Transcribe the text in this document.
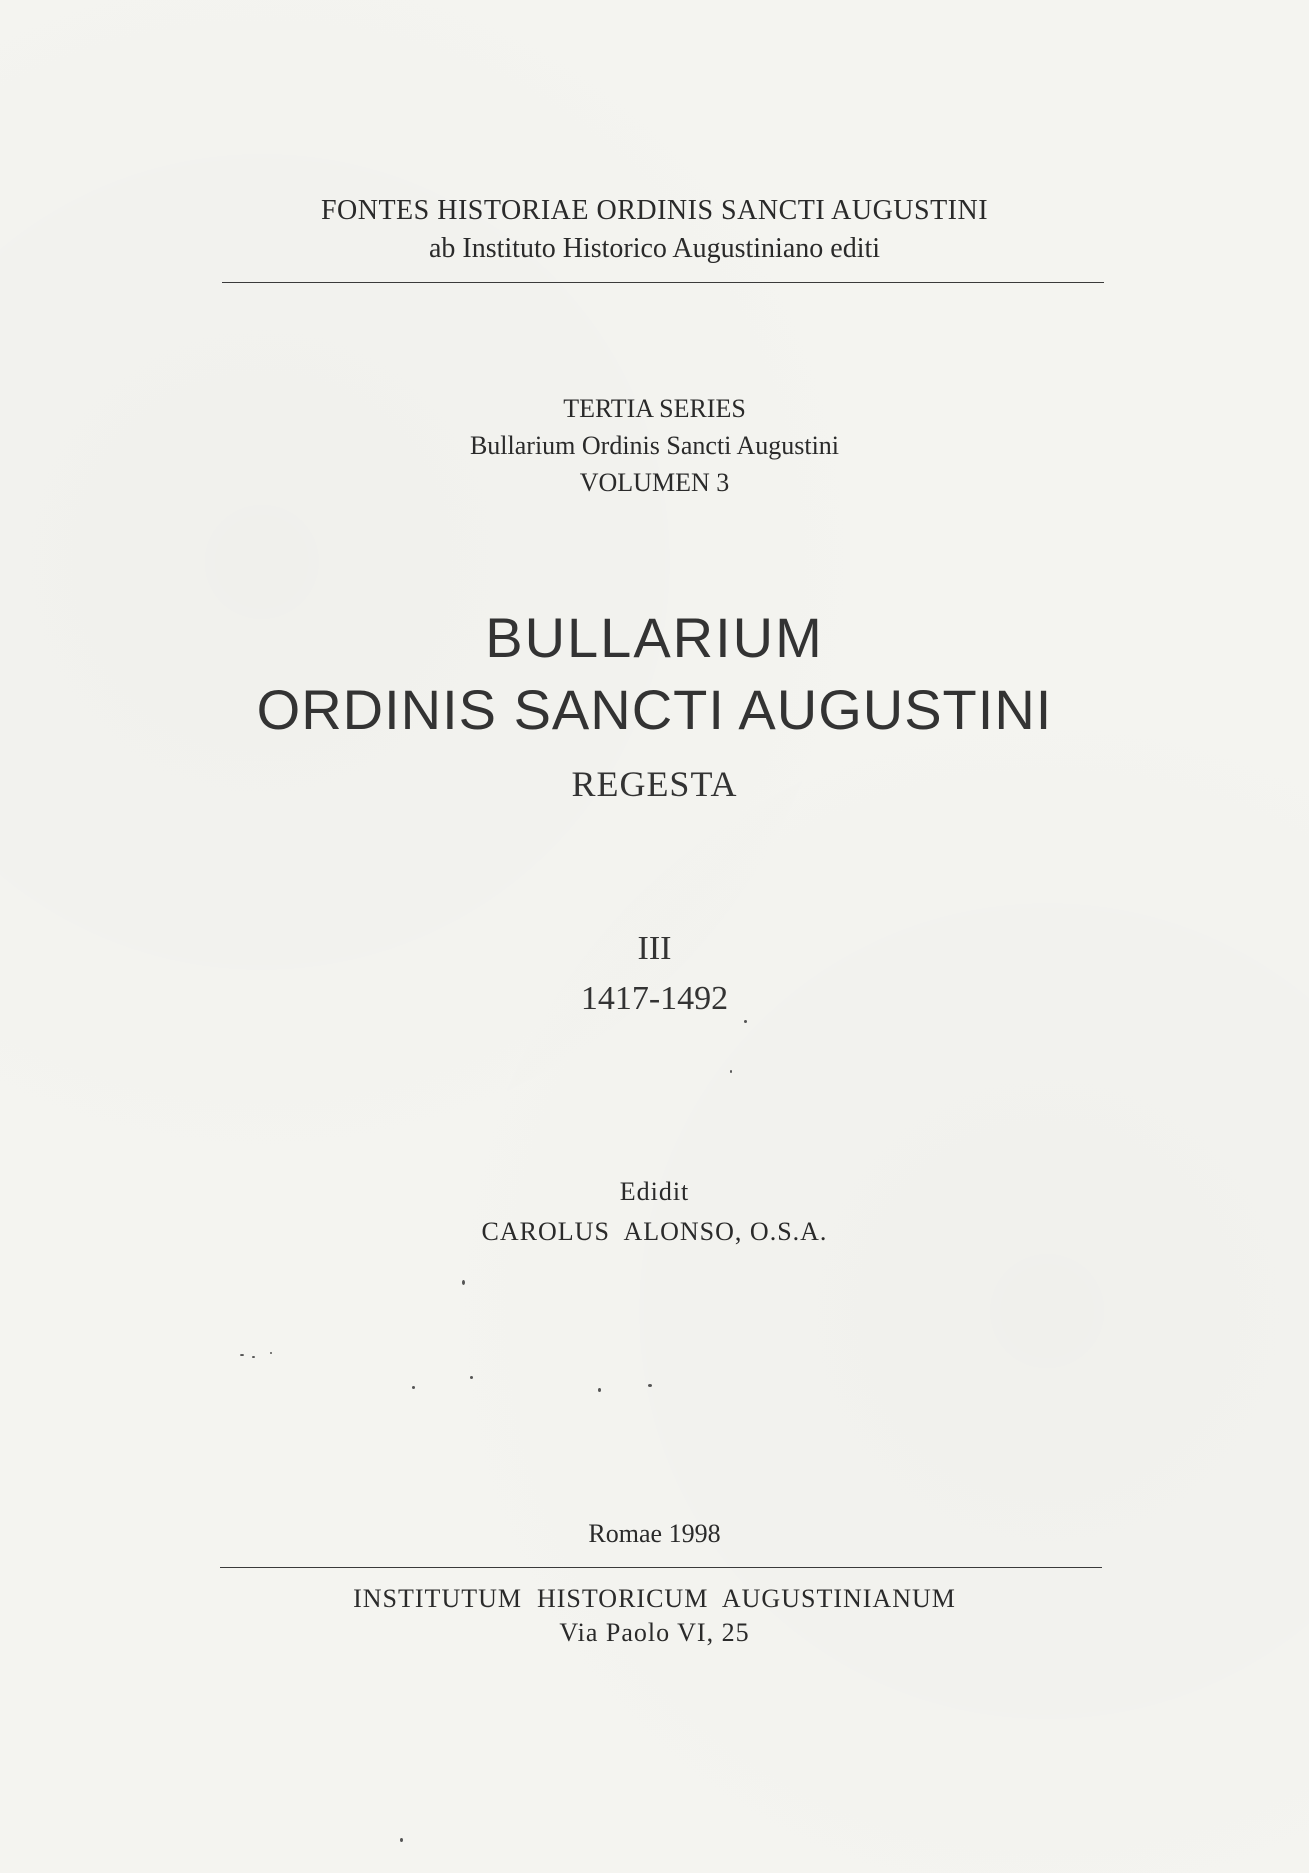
FONTES HISTORIAE ORDINIS SANCTI AUGUSTINI
ab Instituto Historico Augustiniano editi
TERTIA SERIES
Bullarium Ordinis Sancti Augustini
VOLUMEN 3
BULLARIUM
ORDINIS SANCTI AUGUSTINI
REGESTA
III
1417-1492
Edidit
CAROLUS  ALONSO, O.S.A.
Romae 1998
INSTITUTUM  HISTORICUM  AUGUSTINIANUM
Via Paolo VI, 25
